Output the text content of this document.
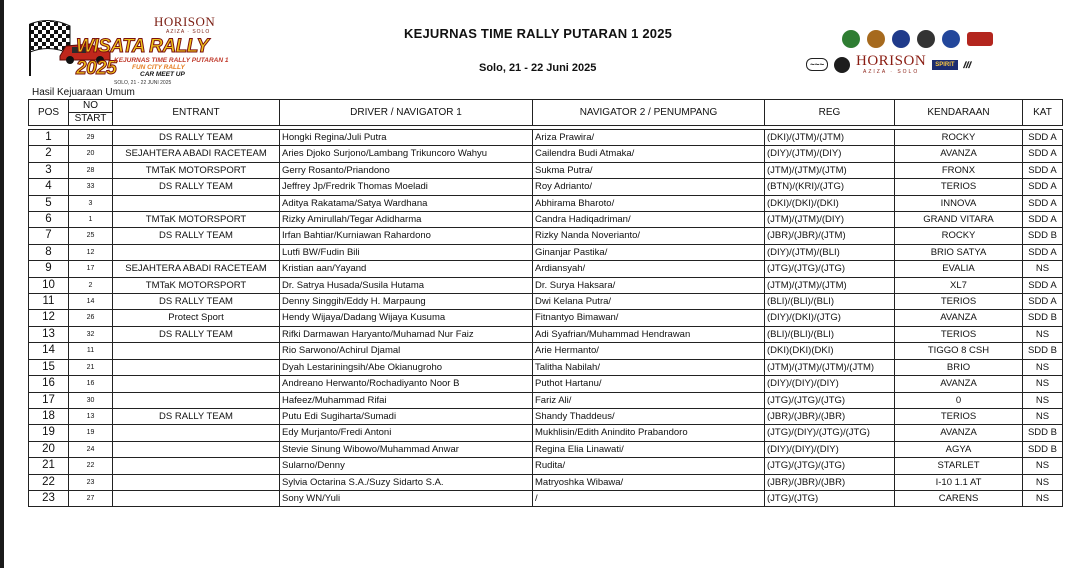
HORISON
AZIZA · SOLO
WISATA RALLY 2025
KEJURNAS TIME RALLY PUTARAN 1
FUN CITY RALLY
CAR MEET UP
SOLO, 21 - 22 JUNI 2025
KEJURNAS TIME RALLY PUTARAN 1 2025
Solo, 21 - 22 Juni 2025	​~~~ HORISON
AZIZA · SOLO
SPIRIT	​///
Hasil Kejuaraan Umum
POS	NO
START	ENTRANT	DRIVER / NAVIGATOR 1	NAVIGATOR 2 / PENUMPANG	REG	KENDARAAN	KAT

1	29	DS RALLY TEAM	Hongki Regina/Juli Putra	Ariza Prawira/	(DKI)/(JTM)/(JTM)	ROCKY	SDD A
2	20	SEJAHTERA ABADI RACETEAM	Aries Djoko Surjono/Lambang Trikuncoro Wahyu	Cailendra Budi Atmaka/	(DIY)/(JTM)/(DIY)	AVANZA	SDD A
3	28	TMTaK MOTORSPORT	Gerry Rosanto/Priandono	Sukma Putra/	(JTM)/(JTM)/(JTM)	FRONX	SDD A
4	33	DS RALLY TEAM	Jeffrey Jp/Fredrik Thomas Moeladi	Roy Adrianto/	(BTN)/(KRI)/(JTG)	TERIOS	SDD A
5	3		Aditya Rakatama/Satya Wardhana	Abhirama Bharoto/	(DKI)/(DKI)/(DKI)	INNOVA	SDD A
6	1	TMTaK MOTORSPORT	Rizky Amirullah/Tegar Adidharma	Candra Hadiqadriman/	(JTM)/(JTM)/(DIY)	GRAND VITARA	SDD A
7	25	DS RALLY TEAM	Irfan Bahtiar/Kurniawan Rahardono	Rizky Nanda Noverianto/	(JBR)/(JBR)/(JTM)	ROCKY	SDD B
8	12		Lutfi BW/Fudin Bili	Ginanjar Pastika/	(DIY)/(JTM)/(BLI)	BRIO SATYA	SDD A
9	17	SEJAHTERA ABADI RACETEAM	Kristian aan/Yayand	Ardiansyah/	(JTG)/(JTG)/(JTG)	EVALIA	NS
10	2	TMTaK MOTORSPORT	Dr. Satrya Husada/Susila Hutama	Dr. Surya Haksara/	(JTM)/(JTM)/(JTM)	XL7	SDD A
11	14	DS RALLY TEAM	Denny Singgih/Eddy H. Marpaung	Dwi Kelana Putra/	(BLI)/(BLI)/(BLI)	TERIOS	SDD A
12	26	Protect Sport	Hendy Wijaya/Dadang Wijaya Kusuma	Fitnantyo Bimawan/	(DIY)/(DKI)/(JTG)	AVANZA	SDD B
13	32	DS RALLY TEAM	Rifki Darmawan Haryanto/Muhamad Nur Faiz	Adi Syafrian/Muhammad Hendrawan	(BLI)/(BLI)/(BLI)	TERIOS	NS
14	11		Rio Sarwono/Achirul Djamal	Arie Hermanto/	(DKI)(DKI)(DKI)	TIGGO 8 CSH	SDD B
15	21		Dyah Lestariningsih/Abe Okianugroho	Talitha Nabilah/	(JTM)/(JTM)/(JTM)/(JTM)	BRIO	NS
16	16		Andreano Herwanto/Rochadiyanto Noor B	Puthot Hartanu/	(DIY)/(DIY)/(DIY)	AVANZA	NS
17	30		Hafeez/Muhammad Rifai	Fariz Ali/	(JTG)/(JTG)/(JTG)	0	NS
18	13	DS RALLY TEAM	Putu Edi Sugiharta/Sumadi	Shandy Thaddeus/	(JBR)/(JBR)/(JBR)	TERIOS	NS
19	19		Edy Murjanto/Fredi Antoni	Mukhlisin/Edith Anindito Prabandoro	(JTG)/(DIY)/(JTG)/(JTG)	AVANZA	SDD B
20	24		Stevie Sinung Wibowo/Muhammad Anwar	Regina Elia Linawati/	(DIY)/(DIY)/(DIY)	AGYA	SDD B
21	22		Sularno/Denny	Rudita/	(JTG)/(JTG)/(JTG)	STARLET	NS
22	23		Sylvia Octarina S.A./Suzy Sidarto S.A.	Matryoshka Wibawa/	(JBR)/(JBR)/(JBR)	I-10 1.1 AT	NS
23	27		Sony WN/Yuli	/	(JTG)/(JTG)	CARENS	NS
